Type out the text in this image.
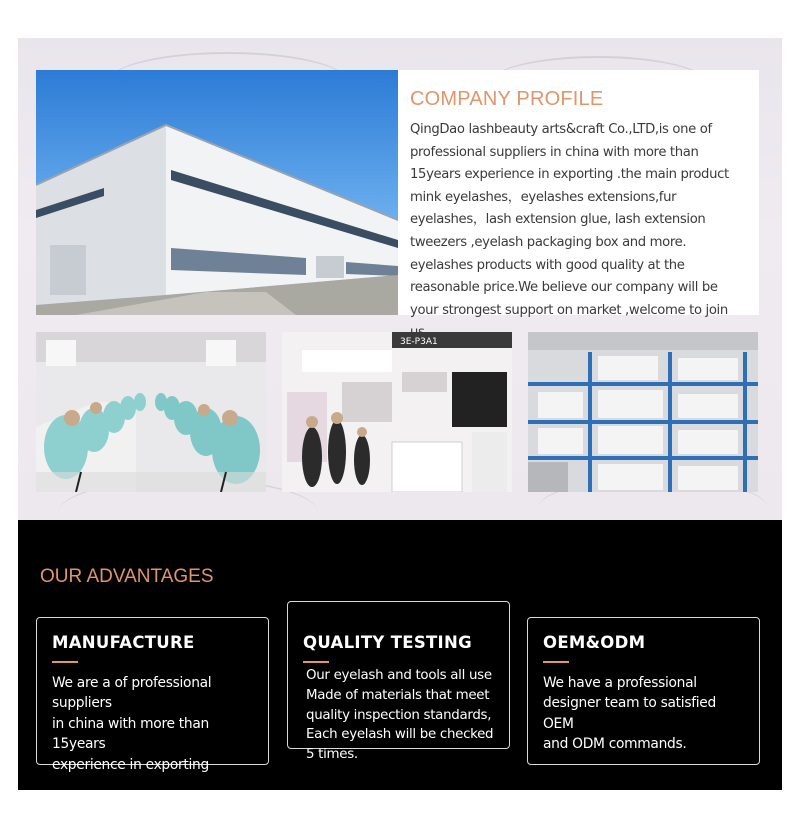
COMPANY PROFILE
QingDao lashbeauty arts&craft Co.,LTD,is one of professional suppliers in china with more than 15years experience in exporting .the main product mink eyelashes，eyelashes extensions,fur eyelashes，lash extension glue, lash extension tweezers ,eyelash packaging box and more. eyelashes products with good quality at the reasonable price.We believe our company will be your strongest support on market ,welcome to join
3E-P3A1
OUR ADVANTAGES
MANUFACTURE

We are a of professional
suppliers
in china with more than 15years
experience in exporting

QUALITY TESTING

Our eyelash and tools all use
Made of materials that meet
quality inspection standards,
Each eyelash will be checked
5 times.

OEM&ODM

We have a professional
designer team to satisfied OEM
and ODM commands.
